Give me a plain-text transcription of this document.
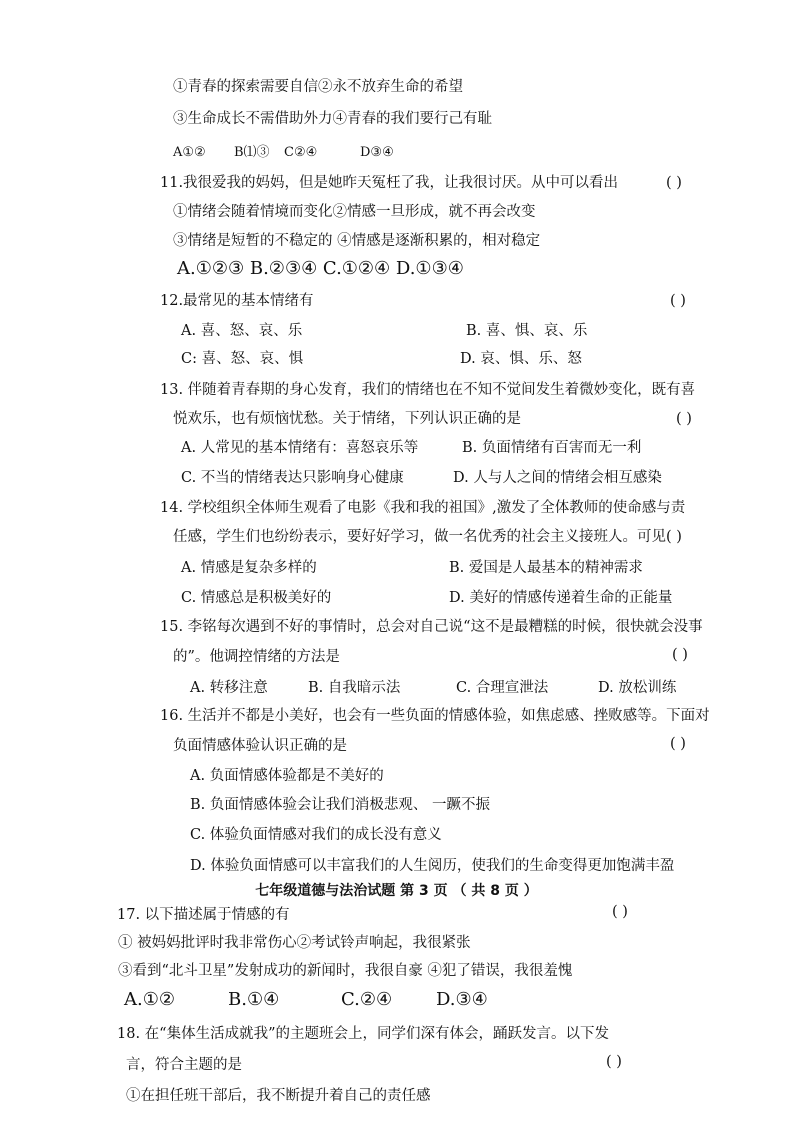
①青春的探索需要自信②永不放弃生命的希望
③生命成长不需借助外力④青春的我们要行己有耻
A①② B⑴③ C②④	D③④
11.我很爱我的妈妈，但是她昨天冤枉了我，让我很讨厌。从中可以看出	( )
①情绪会随着情境而变化②情感一旦形成，就不再会改变
③情绪是短暂的不稳定的 ④情感是逐渐积累的，相对稳定
A.①②③ B.②③④ C.①②④ D.①③④
12.最常见的基本情绪有	( )
A. 喜、怒、哀、乐	B. 喜、惧、哀、乐
C: 喜、怒、哀、惧	D. 哀、惧、乐、怒
13. 伴随着青春期的身心发育，我们的情绪也在不知不觉间发生着微妙变化，既有喜
悦欢乐，也有烦恼忧愁。关于情绪，下列认识正确的是	( )
A. 人常见的基本情绪有：喜怒哀乐等	B. 负面情绪有百害而无一利
C. 不当的情绪表达只影响身心健康	D. 人与人之间的情绪会相互感染
14. 学校组织全体师生观看了电影《我和我的祖国》,激发了全体教师的使命感与责
任感，学生们也纷纷表示，要好好学习，做一名优秀的社会主义接班人。可见( )
A. 情感是复杂多样的	B. 爱国是人最基本的精神需求
C. 情感总是积极美好的	D. 美好的情感传递着生命的正能量
15. 李铭每次遇到不好的事情时，总会对自己说“这不是最糟糕的时候，很快就会没事
的”。他调控情绪的方法是	( )
A. 转移注意	B. 自我暗示法	C. 合理宣泄法	D. 放松训练
16. 生活并不都是小美好，也会有一些负面的情感体验，如焦虑感、挫败感等。下面对
负面情感体验认识正确的是	( )
A. 负面情感体验都是不美好的
B. 负面情感体验会让我们消极悲观、 一蹶不振
C. 体验负面情感对我们的成长没有意义
D. 体验负面情感可以丰富我们的人生阅历，使我们的生命变得更加饱满丰盈
七年级道德与法治试题 第 3 页 （ 共 8 页 ）
17. 以下描述属于情感的有	( )
① 被妈妈批评时我非常伤心②考试铃声响起，我很紧张
③看到“北斗卫星”发射成功的新闻时，我很自豪 ④犯了错误，我很羞愧
A.①②	B.①④	C.②④ D.③④
18. 在“集体生活成就我”的主题班会上，同学们深有体会，踊跃发言。以下发
言，符合主题的是	( )
①在担任班干部后，我不断提升着自己的责任感
